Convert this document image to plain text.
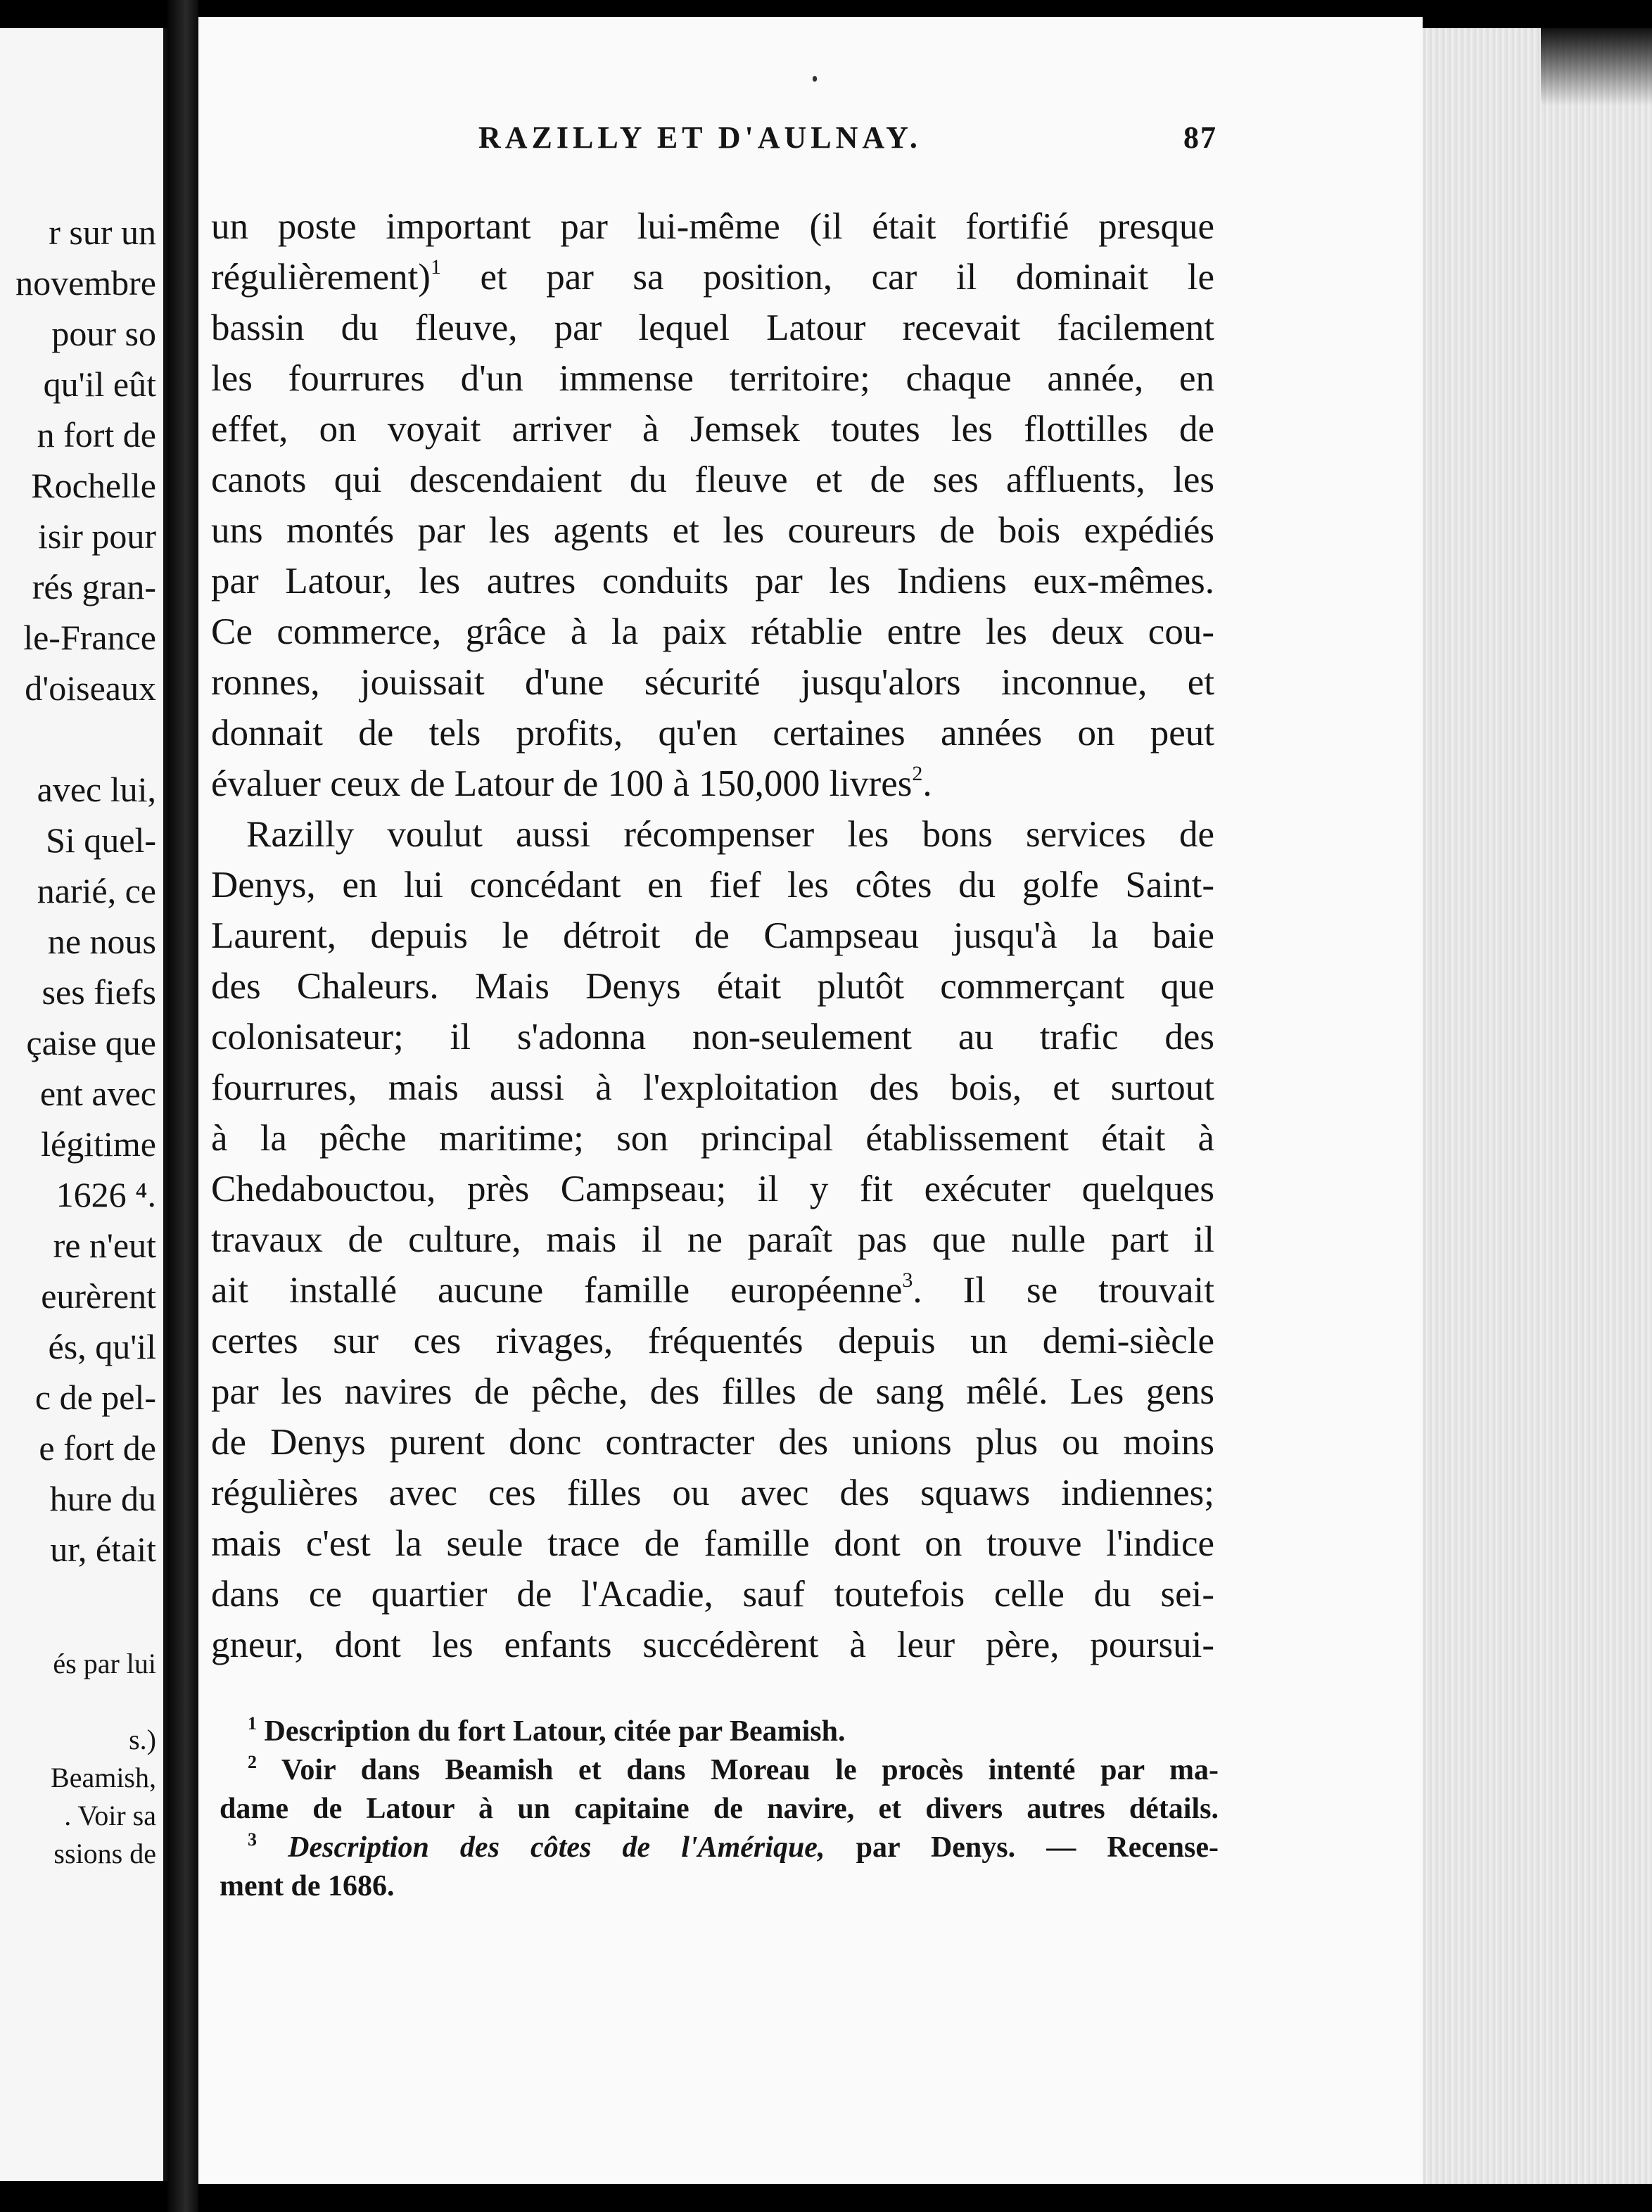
r sur un
novembre
pour so
qu'il eût
n fort de
Rochelle
isir pour
rés gran-
le-France
d'oiseaux
avec lui,
Si quel-
narié, ce
ne nous
ses fiefs
çaise que
ent avec
légitime
1626 ⁴.
re n'eut
eurèrent
és, qu'il
c de pel-
e fort de
hure du
ur, était
és par lui
s.)
Beamish,
. Voir sa
ssions de
RAZILLY ET D'AULNAY.	87
un poste important par lui-même (il était fortifié presque
régulièrement)$^1$ et par sa position, car il dominait le
bassin du fleuve, par lequel Latour recevait facilement
les fourrures d'un immense territoire; chaque année, en
effet, on voyait arriver à Jemsek toutes les flottilles de
canots qui descendaient du fleuve et de ses affluents, les
uns montés par les agents et les coureurs de bois expédiés
par Latour, les autres conduits par les Indiens eux-mêmes.
Ce commerce, grâce à la paix rétablie entre les deux cou-
ronnes, jouissait d'une sécurité jusqu'alors inconnue, et
donnait de tels profits, qu'en certaines années on peut
évaluer ceux de Latour de 100 à 150,000 livres$^2$.
Razilly voulut aussi récompenser les bons services de
Denys, en lui concédant en fief les côtes du golfe Saint-
Laurent, depuis le détroit de Campseau jusqu'à la baie
des Chaleurs. Mais Denys était plutôt commerçant que
colonisateur; il s'adonna non-seulement au trafic des
fourrures, mais aussi à l'exploitation des bois, et surtout
à la pêche maritime; son principal établissement était à
Chedabouctou, près Campseau; il y fit exécuter quelques
travaux de culture, mais il ne paraît pas que nulle part il
ait installé aucune famille européenne$^3$. Il se trouvait
certes sur ces rivages, fréquentés depuis un demi-siècle
par les navires de pêche, des filles de sang mêlé. Les gens
de Denys purent donc contracter des unions plus ou moins
régulières avec ces filles ou avec des squaws indiennes;
mais c'est la seule trace de famille dont on trouve l'indice
dans ce quartier de l'Acadie, sauf toutefois celle du sei-
gneur, dont les enfants succédèrent à leur père, poursui-
$^1$ Description du fort Latour, citée par Beamish.
$^2$ Voir dans Beamish et dans Moreau le procès intenté par ma-
dame de Latour à un capitaine de navire, et divers autres détails.
$^3$ Description des côtes de l'Amérique, par Denys. — Recense-
ment de 1686.
